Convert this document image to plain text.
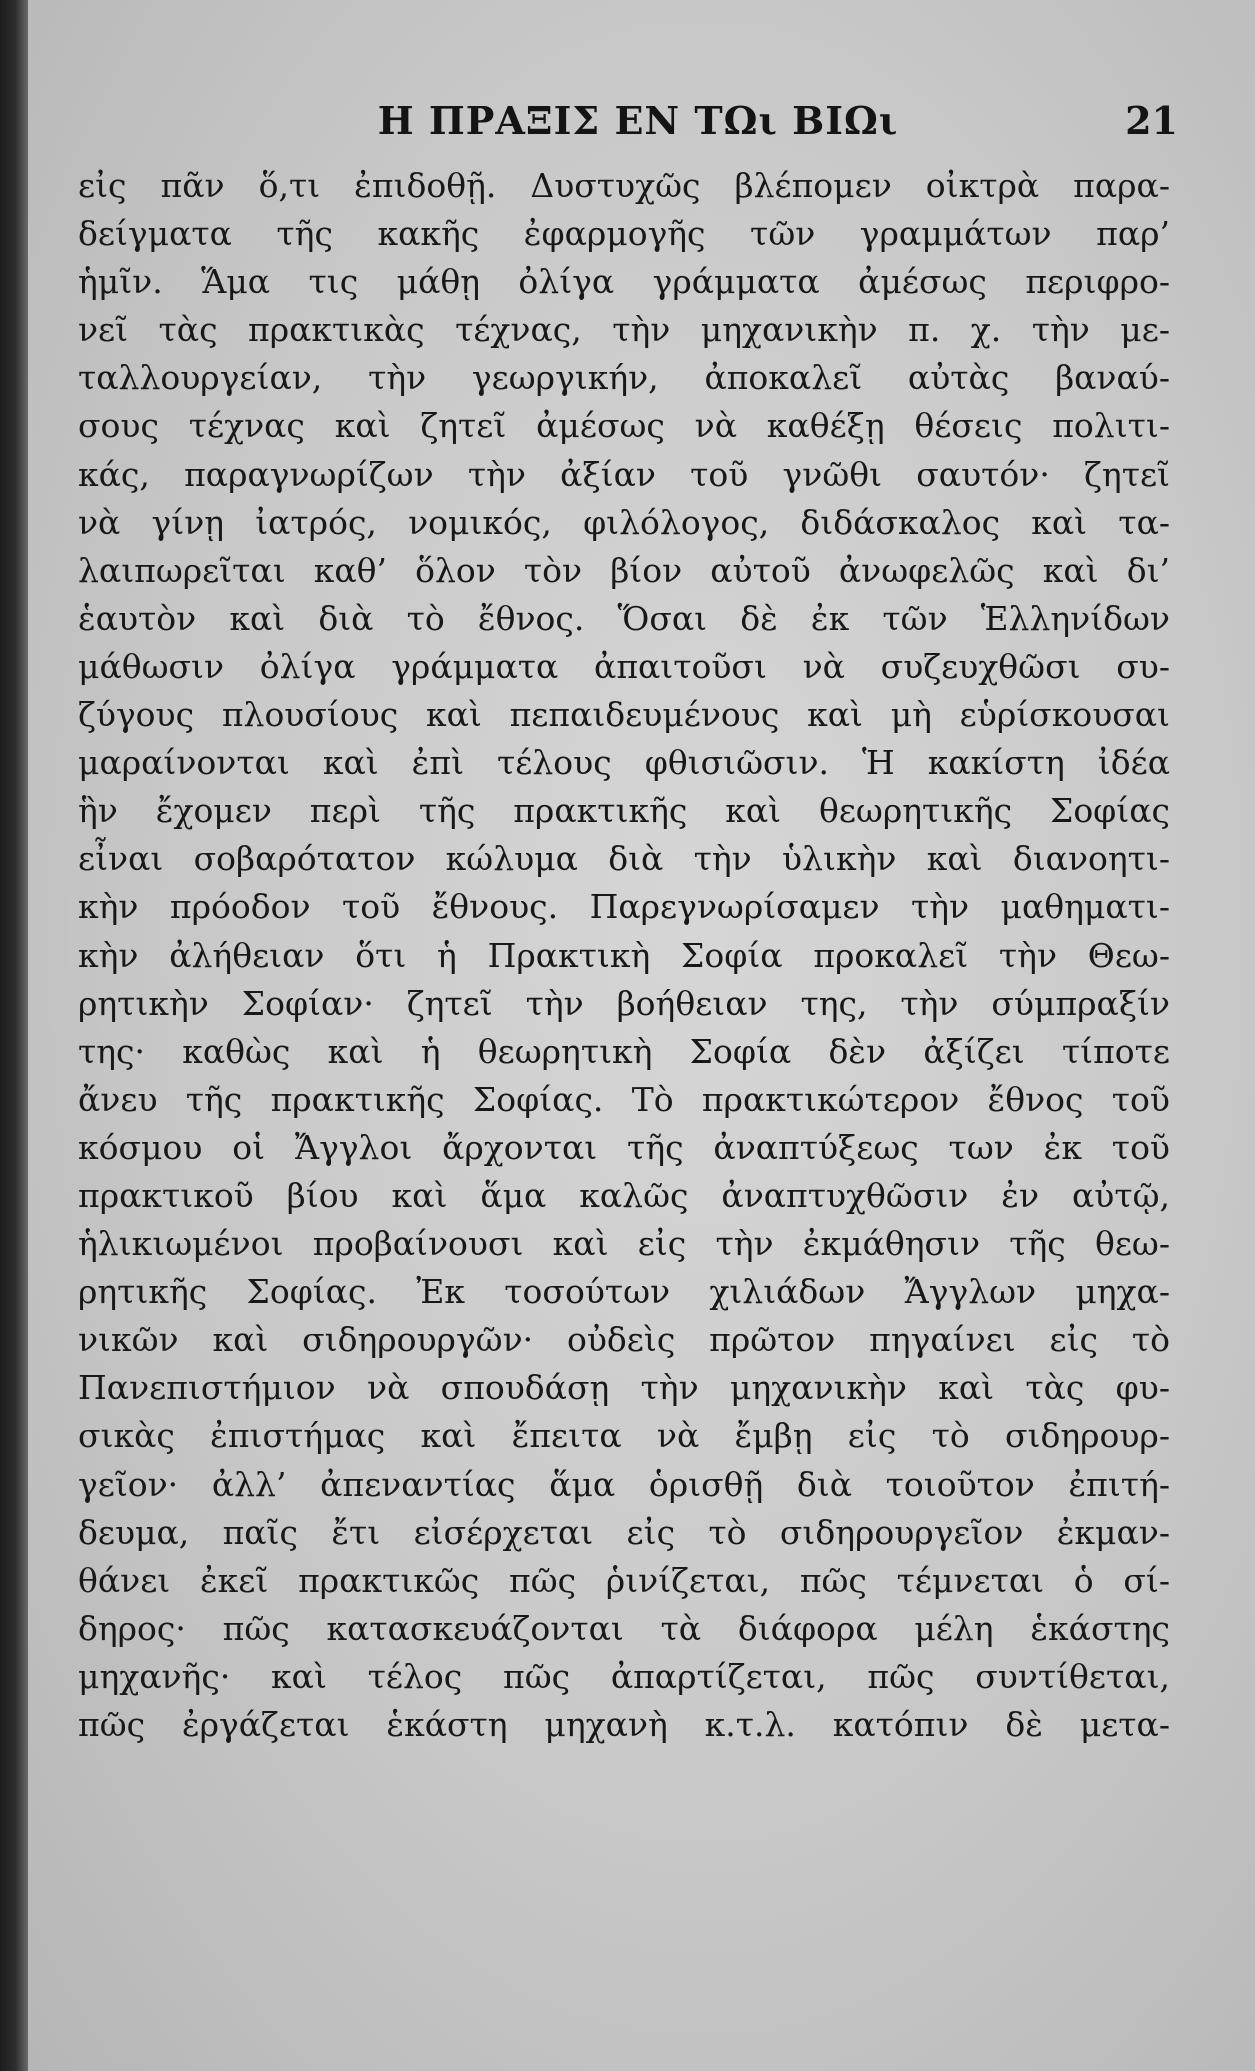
Η ΠΡΑΞΙΣ ΕΝ ΤΩι ΒΙΩι	21
εἰς πᾶν ὅ,τι ἐπιδοθῇ. Δυστυχῶς βλέπομεν οἰκτρὰ παρα-
δείγματα τῆς κακῆς ἐφαρμογῆς τῶν γραμμάτων παρ’
ἡμῖν. Ἅμα τις μάθῃ ὀλίγα γράμματα ἀμέσως περιφρο-
νεῖ τὰς πρακτικὰς τέχνας, τὴν μηχανικὴν π. χ. τὴν με-
ταλλουργείαν, τὴν γεωργικήν, ἀποκαλεῖ αὐτὰς βαναύ-
σους τέχνας καὶ ζητεῖ ἀμέσως νὰ καθέξῃ θέσεις πολιτι-
κάς, παραγνωρίζων τὴν ἀξίαν τοῦ γνῶθι σαυτόν· ζητεῖ
νὰ γίνῃ ἰατρός, νομικός, φιλόλογος, διδάσκαλος καὶ τα-
λαιπωρεῖται καθ’ ὅλον τὸν βίον αὐτοῦ ἀνωφελῶς καὶ δι’
ἑαυτὸν καὶ διὰ τὸ ἔθνος. Ὅσαι δὲ ἐκ τῶν Ἑλληνίδων
μάθωσιν ὀλίγα γράμματα ἀπαιτοῦσι νὰ συζευχθῶσι συ-
ζύγους πλουσίους καὶ πεπαιδευμένους καὶ μὴ εὑρίσκουσαι
μαραίνονται καὶ ἐπὶ τέλους φθισιῶσιν. Ἡ κακίστη ἰδέα
ἣν ἔχομεν περὶ τῆς πρακτικῆς καὶ θεωρητικῆς Σοφίας
εἶναι σοβαρότατον κώλυμα διὰ τὴν ὑλικὴν καὶ διανοητι-
κὴν πρόοδον τοῦ ἔθνους. Παρεγνωρίσαμεν τὴν μαθηματι-
κὴν ἀλήθειαν ὅτι ἡ Πρακτικὴ Σοφία προκαλεῖ τὴν Θεω-
ρητικὴν Σοφίαν· ζητεῖ τὴν βοήθειαν της, τὴν σύμπραξίν
της· καθὼς καὶ ἡ θεωρητικὴ Σοφία δὲν ἀξίζει τίποτε
ἄνευ τῆς πρακτικῆς Σοφίας. Τὸ πρακτικώτερον ἔθνος τοῦ
κόσμου οἱ Ἄγγλοι ἄρχονται τῆς ἀναπτύξεως των ἐκ τοῦ
πρακτικοῦ βίου καὶ ἅμα καλῶς ἀναπτυχθῶσιν ἐν αὐτῷ,
ἡλικιωμένοι προβαίνουσι καὶ εἰς τὴν ἐκμάθησιν τῆς θεω-
ρητικῆς Σοφίας. Ἐκ τοσούτων χιλιάδων Ἄγγλων μηχα-
νικῶν καὶ σιδηρουργῶν· οὐδεὶς πρῶτον πηγαίνει εἰς τὸ
Πανεπιστήμιον νὰ σπουδάσῃ τὴν μηχανικὴν καὶ τὰς φυ-
σικὰς ἐπιστήμας καὶ ἔπειτα νὰ ἔμβῃ εἰς τὸ σιδηρουρ-
γεῖον· ἀλλ’ ἀπεναντίας ἅμα ὁρισθῇ διὰ τοιοῦτον ἐπιτή-
δευμα, παῖς ἔτι εἰσέρχεται εἰς τὸ σιδηρουργεῖον ἐκμαν-
θάνει ἐκεῖ πρακτικῶς πῶς ῥινίζεται, πῶς τέμνεται ὁ σί-
δηρος· πῶς κατασκευάζονται τὰ διάφορα μέλη ἑκάστης
μηχανῆς· καὶ τέλος πῶς ἀπαρτίζεται, πῶς συντίθεται,
πῶς ἐργάζεται ἑκάστη μηχανὴ κ.τ.λ. κατόπιν δὲ μετα-
